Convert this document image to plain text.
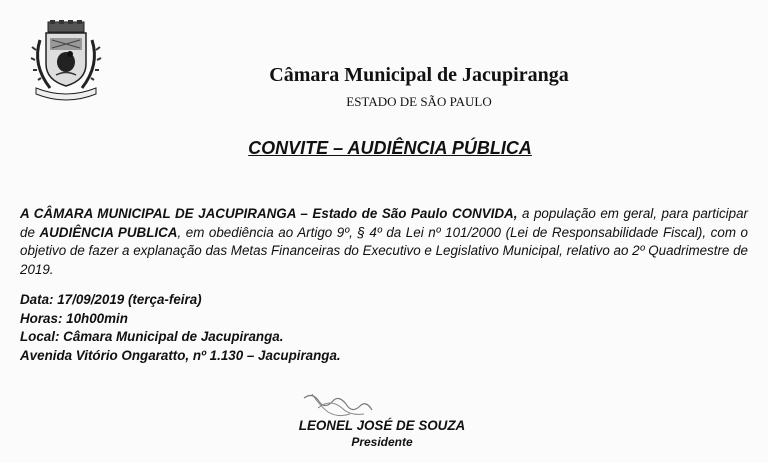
Câmara Municipal de Jacupiranga
ESTADO DE SÃO PAULO
CONVITE – AUDIÊNCIA PÚBLICA
A CÂMARA MUNICIPAL DE JACUPIRANGA – Estado de São Paulo CONVIDA, a população em geral, para participar de AUDIÊNCIA PUBLICA, em obediência ao Artigo 9º, § 4º da Lei nº 101/2000 (Lei de Responsabilidade Fiscal), com o objetivo de fazer a explanação das Metas Financeiras do Executivo e Legislativo Municipal, relativo ao 2º Quadrimestre de 2019.
Data: 17/09/2019 (terça-feira)
Horas: 10h00min
Local: Câmara Municipal de Jacupiranga.
Avenida Vitório Ongaratto, nº 1.130 – Jacupiranga.
LEONEL JOSÉ DE SOUZA
Presidente
